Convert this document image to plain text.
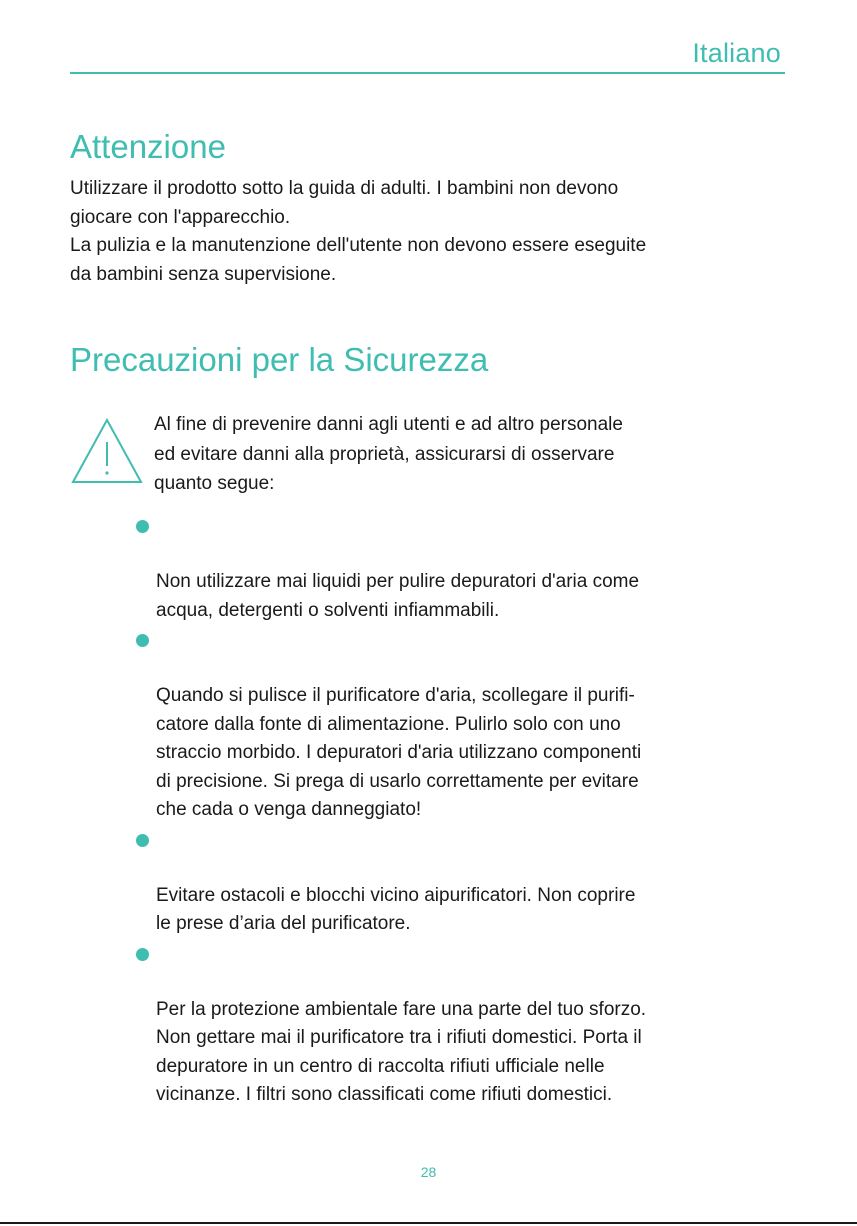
Italiano
Attenzione

Utilizzare il prodotto sotto la guida di adulti. I bambini non devono
giocare con l'apparecchio.
La pulizia e la manutenzione dell'utente non devono essere eseguite
da bambini senza supervisione.

Precauzioni per la Sicurezza

Al fine di prevenire danni agli utenti e ad altro personale
ed evitare danni alla proprietà, assicurarsi di osservare
quanto segue:

Non utilizzare mai liquidi per pulire depuratori d'aria come
acqua, detergenti o solventi infiammabili.

Quando si pulisce il purificatore d'aria, scollegare il purifi-
catore dalla fonte di alimentazione. Pulirlo solo con uno
straccio morbido. I depuratori d'aria utilizzano componenti
di precisione. Si prega di usarlo correttamente per evitare
che cada o venga danneggiato!

Evitare ostacoli e blocchi vicino aipurificatori. Non coprire
le prese d’aria del purificatore.

Per la protezione ambientale fare una parte del tuo sforzo.
Non gettare mai il purificatore tra i rifiuti domestici. Porta il
depuratore in un centro di raccolta rifiuti ufficiale nelle
vicinanze. I filtri sono classificati come rifiuti domestici.

28
